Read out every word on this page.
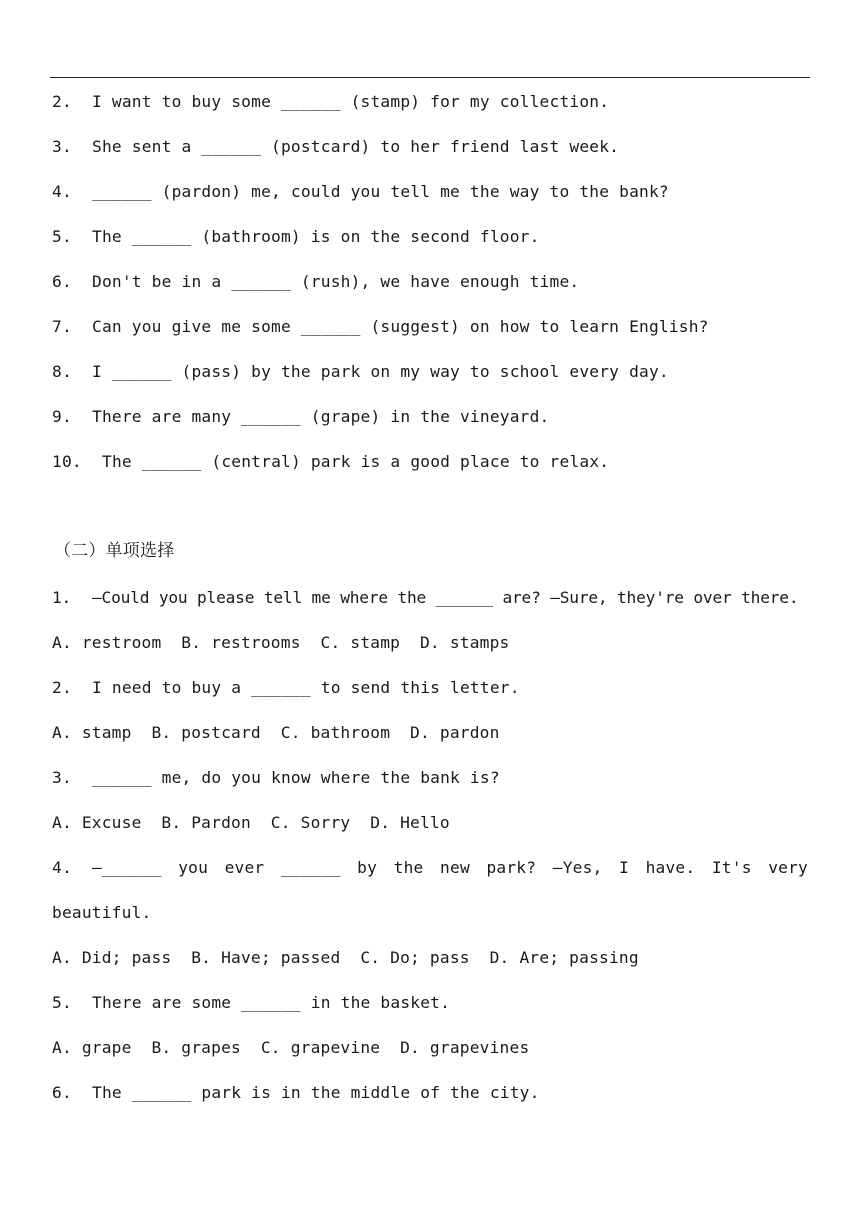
2. I want to buy some ______ (stamp) for my collection.
3. She sent a ______ (postcard) to her friend last week.
4. ______ (pardon) me, could you tell me the way to the bank?
5. The ______ (bathroom) is on the second floor.
6. Don't be in a ______ (rush), we have enough time.
7. Can you give me some ______ (suggest) on how to learn English?
8. I ______ (pass) by the park on my way to school every day.
9. There are many ______ (grape) in the vineyard.
10. The ______ (central) park is a good place to relax.
（二）单项选择
1. —Could you please tell me where the ______ are? —Sure, they're over there.
A. restroom  B. restrooms  C. stamp  D. stamps
2. I need to buy a ______ to send this letter.
A. stamp  B. postcard  C. bathroom  D. pardon
3. ______ me, do you know where the bank is?
A. Excuse  B. Pardon  C. Sorry  D. Hello
4. —______ you ever ______ by the new park? —Yes, I have. It's very
beautiful.
A. Did; pass  B. Have; passed  C. Do; pass  D. Are; passing
5. There are some ______ in the basket.
A. grape  B. grapes  C. grapevine  D. grapevines
6. The ______ park is in the middle of the city.
